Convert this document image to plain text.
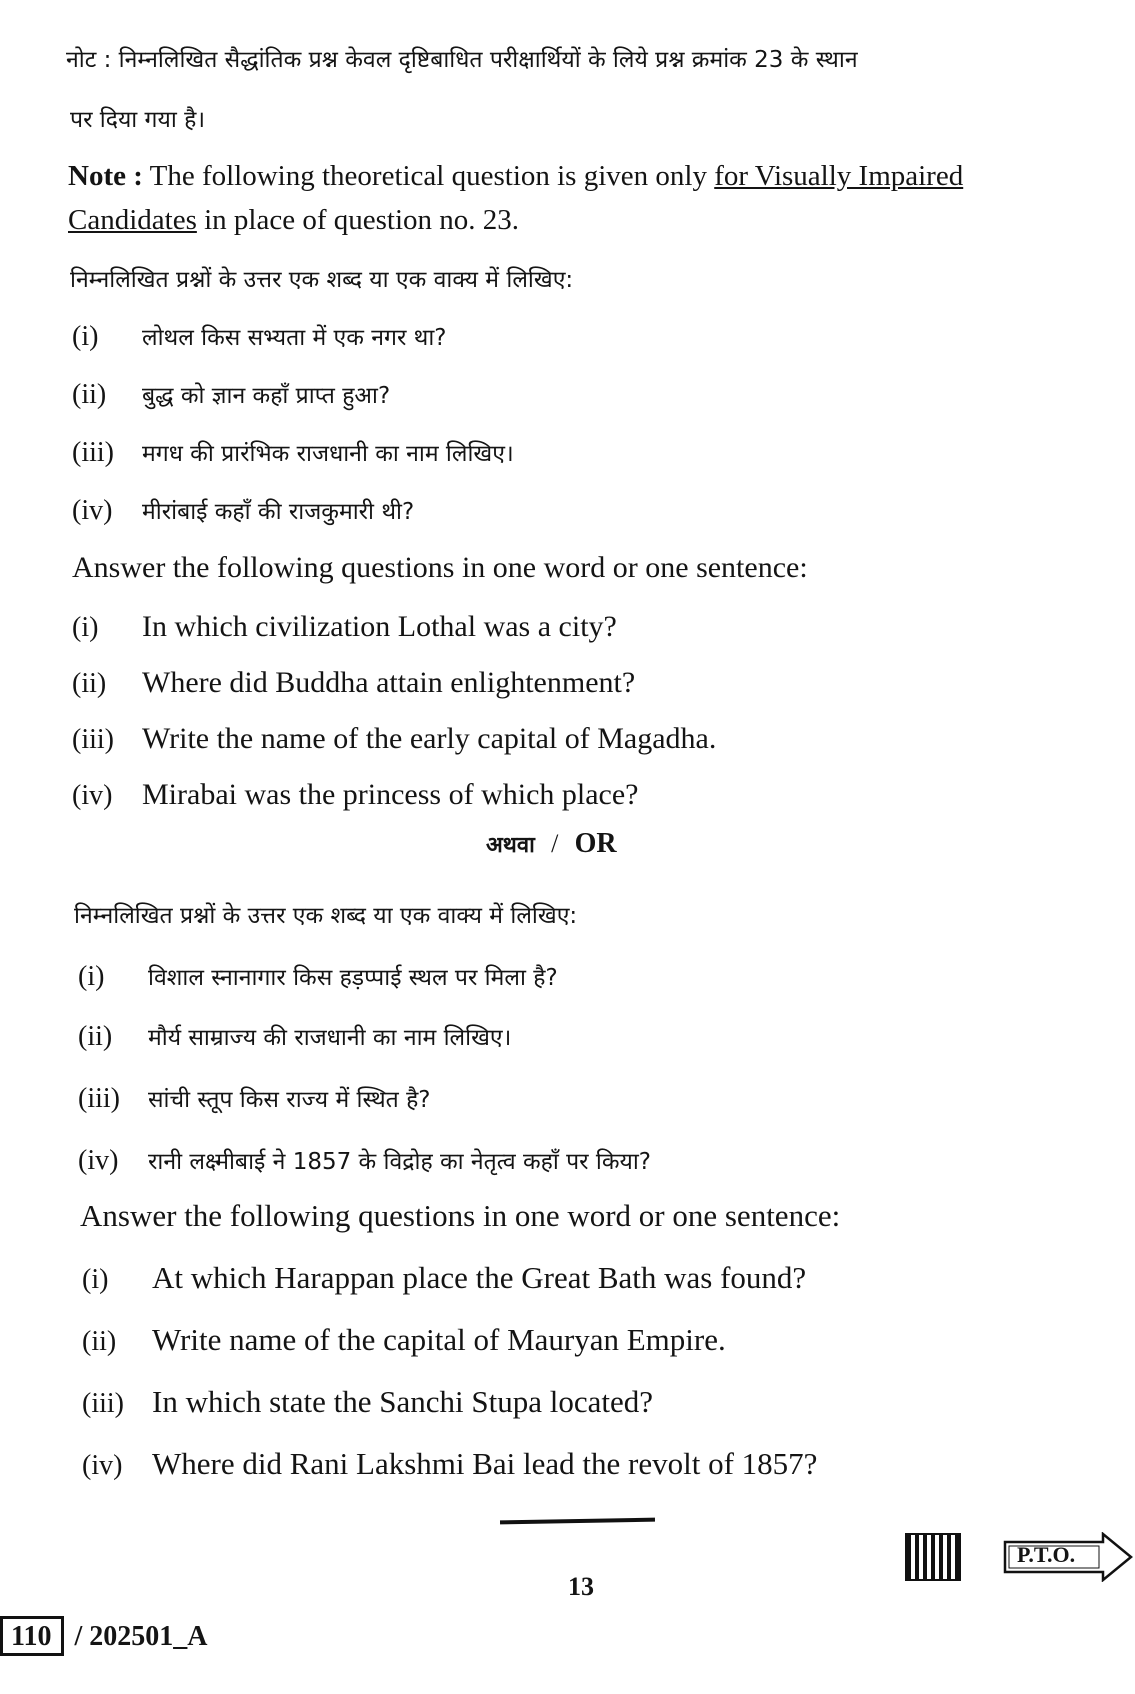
नोट : निम्नलिखित सैद्धांतिक प्रश्न केवल दृष्टिबाधित परीक्षार्थियों के लिये प्रश्न क्रमांक 23 के स्थान
पर दिया गया है।
Note : The following theoretical question is given only for Visually Impaired
Candidates in place of question no. 23.
निम्नलिखित प्रश्नों के उत्तर एक शब्द या एक वाक्य में लिखिए:
(i) लोथल किस सभ्यता में एक नगर था?
(ii) बुद्ध को ज्ञान कहाँ प्राप्त हुआ?
(iii) मगध की प्रारंभिक राजधानी का नाम लिखिए।
(iv) मीरांबाई कहाँ की राजकुमारी थी?
Answer the following questions in one word or one sentence:
(i) In which civilization Lothal was a city?
(ii) Where did Buddha attain enlightenment?
(iii) Write the name of the early capital of Magadha.
(iv) Mirabai was the princess of which place?
अथवा / OR
निम्नलिखित प्रश्नों के उत्तर एक शब्द या एक वाक्य में लिखिए:
(i) विशाल स्नानागार किस हड़प्पाई स्थल पर मिला है?
(ii) मौर्य साम्राज्य की राजधानी का नाम लिखिए।
(iii) सांची स्तूप किस राज्य में स्थित है?
(iv) रानी लक्ष्मीबाई ने 1857 के विद्रोह का नेतृत्व कहाँ पर किया?
Answer the following questions in one word or one sentence:
(i) At which Harappan place the Great Bath was found?
(ii) Write name of the capital of Mauryan Empire.
(iii) In which state the Sanchi Stupa located?
(iv) Where did Rani Lakshmi Bai lead the revolt of 1857?
13
P.T.O.
110 / 202501_A
